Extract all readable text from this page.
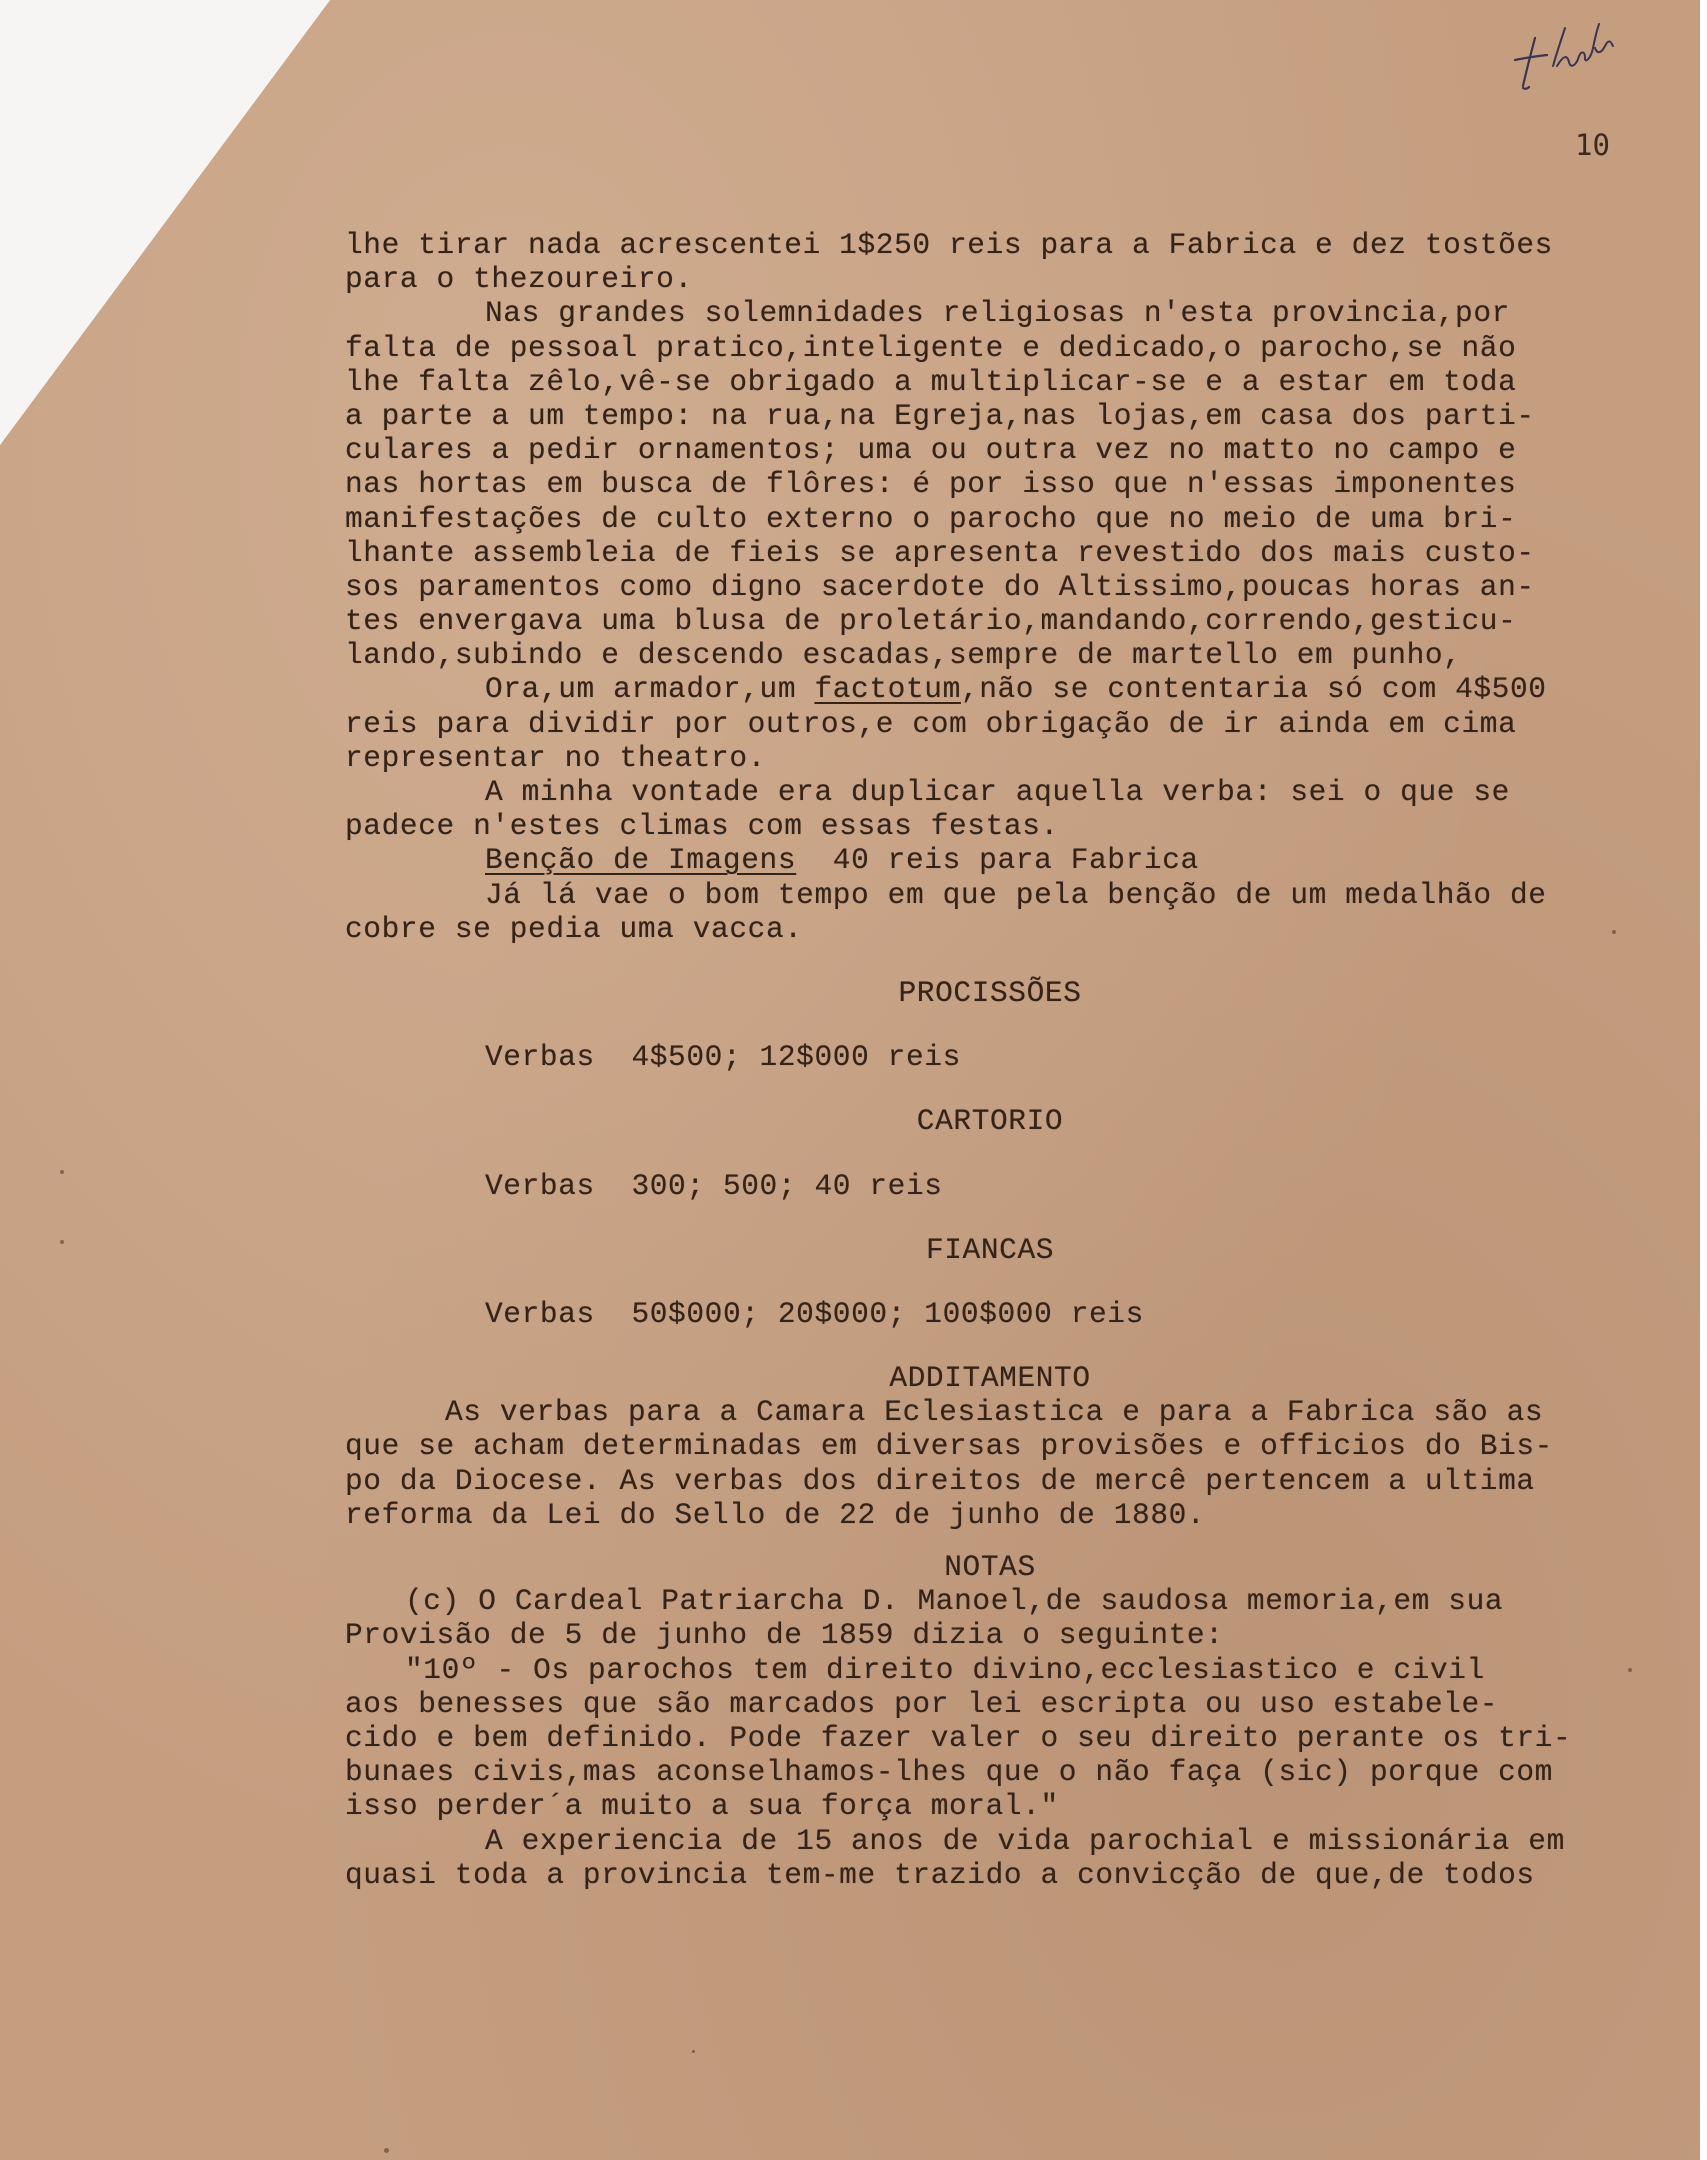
10
lhe tirar nada acrescentei 1$250 reis para a Fabrica e dez tostões
para o thezoureiro.
Nas grandes solemnidades religiosas n'esta provincia,por
falta de pessoal pratico,inteligente e dedicado,o parocho,se não
lhe falta zêlo,vê-se obrigado a multiplicar-se e a estar em toda
a parte a um tempo: na rua,na Egreja,nas lojas,em casa dos parti-
culares a pedir ornamentos; uma ou outra vez no matto no campo e
nas hortas em busca de flôres: é por isso que n'essas imponentes
manifestações de culto externo o parocho que no meio de uma bri-
lhante assembleia de fieis se apresenta revestido dos mais custo-
sos paramentos como digno sacerdote do Altissimo,poucas horas an-
tes envergava uma blusa de proletário,mandando,correndo,gesticu-
lando,subindo e descendo escadas,sempre de martello em punho,
Ora,um armador,um factotum,não se contentaria só com 4$500
reis para dividir por outros,e com obrigação de ir ainda em cima
representar no theatro.
A minha vontade era duplicar aquella verba: sei o que se
padece n'estes climas com essas festas.
Benção de Imagens  40 reis para Fabrica
Já lá vae o bom tempo em que pela benção de um medalhão de
cobre se pedia uma vacca.
PROCISSÕES
Verbas 4$500; 12$000 reis
CARTORIO
Verbas 300; 500; 40 reis
FIANCAS
Verbas 50$000; 20$000; 100$000 reis
ADDITAMENTO
As verbas para a Camara Eclesiastica e para a Fabrica são as
que se acham determinadas em diversas provisões e officios do Bis-
po da Diocese. As verbas dos direitos de mercê pertencem a ultima
reforma da Lei do Sello de 22 de junho de 1880.
NOTAS
(c) O Cardeal Patriarcha D. Manoel,de saudosa memoria,em sua
Provisão de 5 de junho de 1859 dizia o seguinte:
"10º - Os parochos tem direito divino,ecclesiastico e civil
aos benesses que são marcados por lei escripta ou uso estabele-
cido e bem definido. Pode fazer valer o seu direito perante os tri-
bunaes civis,mas aconselhamos-lhes que o não faça (sic) porque com
isso perder´a muito a sua força moral."
A experiencia de 15 anos de vida parochial e missionária em
quasi toda a provincia tem-me trazido a convicção de que,de todos
